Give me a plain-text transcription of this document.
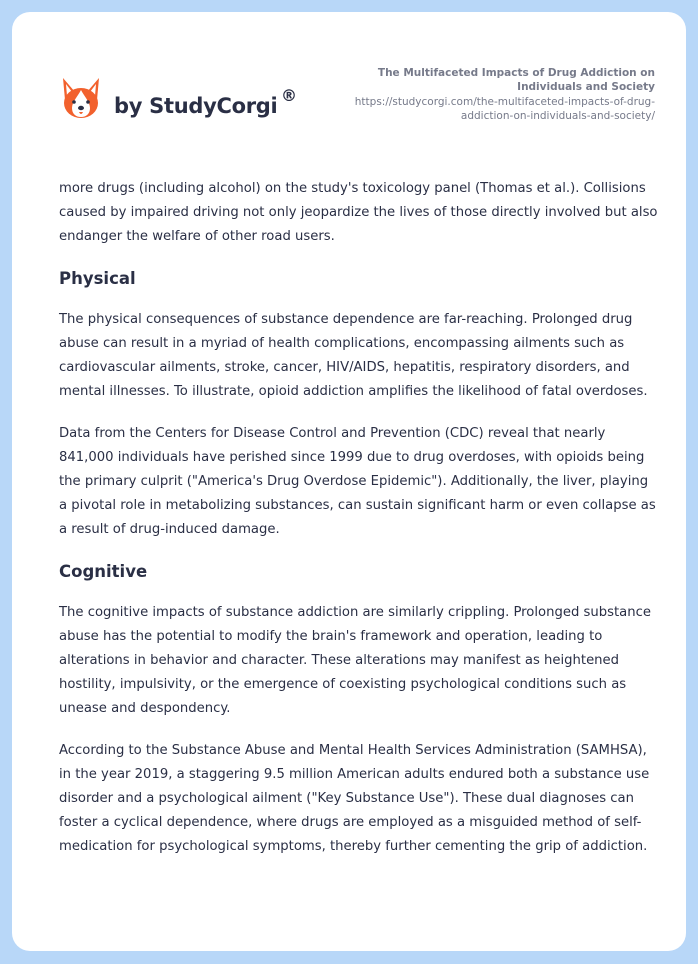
by StudyCorgi ®
The Multifaceted Impacts of Drug Addiction on Individuals and Society
https://studycorgi.com/the-multifaceted-impacts-of-drug-addiction-on-individuals-and-society/

more drugs (including alcohol) on the study's toxicology panel (Thomas et al.). Collisions caused by impaired driving not only jeopardize the lives of those directly involved but also endanger the welfare of other road users.

Physical

The physical consequences of substance dependence are far-reaching. Prolonged drug abuse can result in a myriad of health complications, encompassing ailments such as cardiovascular ailments, stroke, cancer, HIV/AIDS, hepatitis, respiratory disorders, and mental illnesses. To illustrate, opioid addiction amplifies the likelihood of fatal overdoses.

Data from the Centers for Disease Control and Prevention (CDC) reveal that nearly 841,000 individuals have perished since 1999 due to drug overdoses, with opioids being the primary culprit ("America's Drug Overdose Epidemic"). Additionally, the liver, playing a pivotal role in metabolizing substances, can sustain significant harm or even collapse as a result of drug-induced damage.

Cognitive

The cognitive impacts of substance addiction are similarly crippling. Prolonged substance abuse has the potential to modify the brain's framework and operation, leading to alterations in behavior and character. These alterations may manifest as heightened hostility, impulsivity, or the emergence of coexisting psychological conditions such as unease and despondency.

According to the Substance Abuse and Mental Health Services Administration (SAMHSA), in the year 2019, a staggering 9.5 million American adults endured both a substance use disorder and a psychological ailment ("Key Substance Use"). These dual diagnoses can foster a cyclical dependence, where drugs are employed as a misguided method of self-medication for psychological symptoms, thereby further cementing the grip of addiction.
